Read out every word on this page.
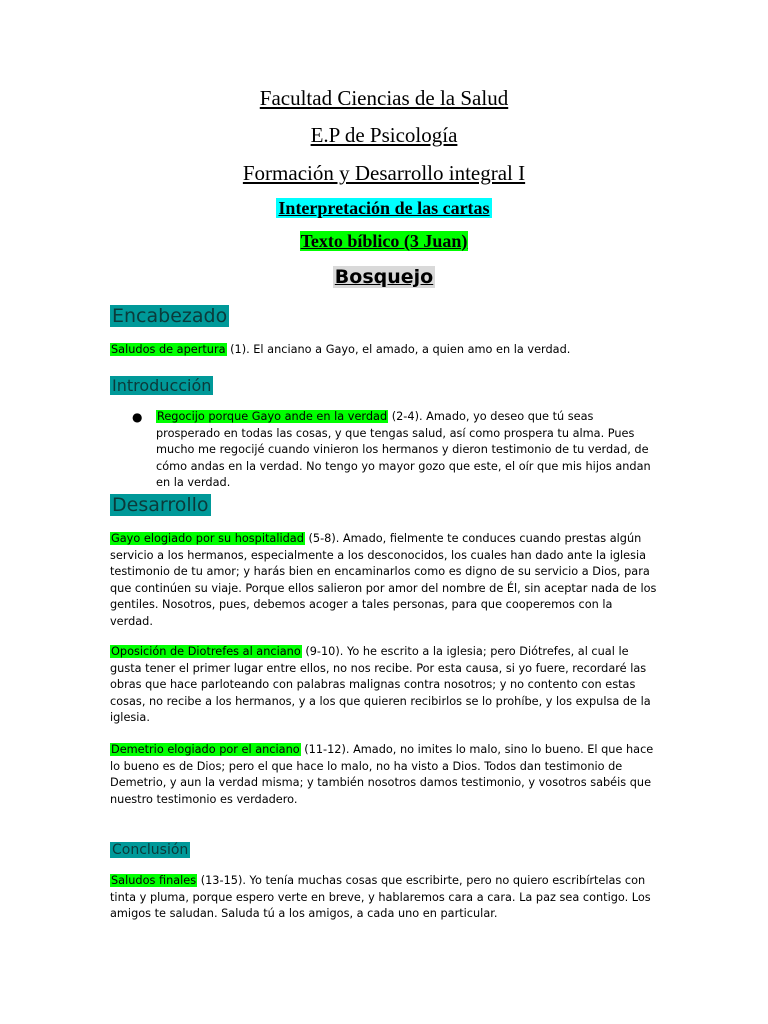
Facultad Ciencias de la Salud
E.P de Psicología
Formación y Desarrollo integral I
Interpretación de las cartas
Texto bíblico (3 Juan)
Bosquejo
Encabezado
Saludos de apertura (1). El anciano a Gayo, el amado, a quien amo en la verdad.
Introducción
● Regocijo porque Gayo ande en la verdad (2-4). Amado, yo deseo que tú seas prosperado en todas las cosas, y que tengas salud, así como prospera tu alma. Pues mucho me regocijé cuando vinieron los hermanos y dieron testimonio de tu verdad, de cómo andas en la verdad. No tengo yo mayor gozo que este, el oír que mis hijos andan en la verdad.
Desarrollo
Gayo elogiado por su hospitalidad (5-8). Amado, fielmente te conduces cuando prestas algún servicio a los hermanos, especialmente a los desconocidos, los cuales han dado ante la iglesia testimonio de tu amor; y harás bien en encaminarlos como es digno de su servicio a Dios, para que continúen su viaje. Porque ellos salieron por amor del nombre de Él, sin aceptar nada de los gentiles. Nosotros, pues, debemos acoger a tales personas, para que cooperemos con la verdad.
Oposición de Diotrefes al anciano (9-10). Yo he escrito a la iglesia; pero Diótrefes, al cual le gusta tener el primer lugar entre ellos, no nos recibe. Por esta causa, si yo fuere, recordaré las obras que hace parloteando con palabras malignas contra nosotros; y no contento con estas cosas, no recibe a los hermanos, y a los que quieren recibirlos se lo prohíbe, y los expulsa de la iglesia.
Demetrio elogiado por el anciano (11-12). Amado, no imites lo malo, sino lo bueno. El que hace lo bueno es de Dios; pero el que hace lo malo, no ha visto a Dios. Todos dan testimonio de Demetrio, y aun la verdad misma; y también nosotros damos testimonio, y vosotros sabéis que nuestro testimonio es verdadero.
Conclusión
Saludos finales (13-15). Yo tenía muchas cosas que escribirte, pero no quiero escribírtelas con tinta y pluma, porque espero verte en breve, y hablaremos cara a cara. La paz sea contigo. Los amigos te saludan. Saluda tú a los amigos, a cada uno en particular.
